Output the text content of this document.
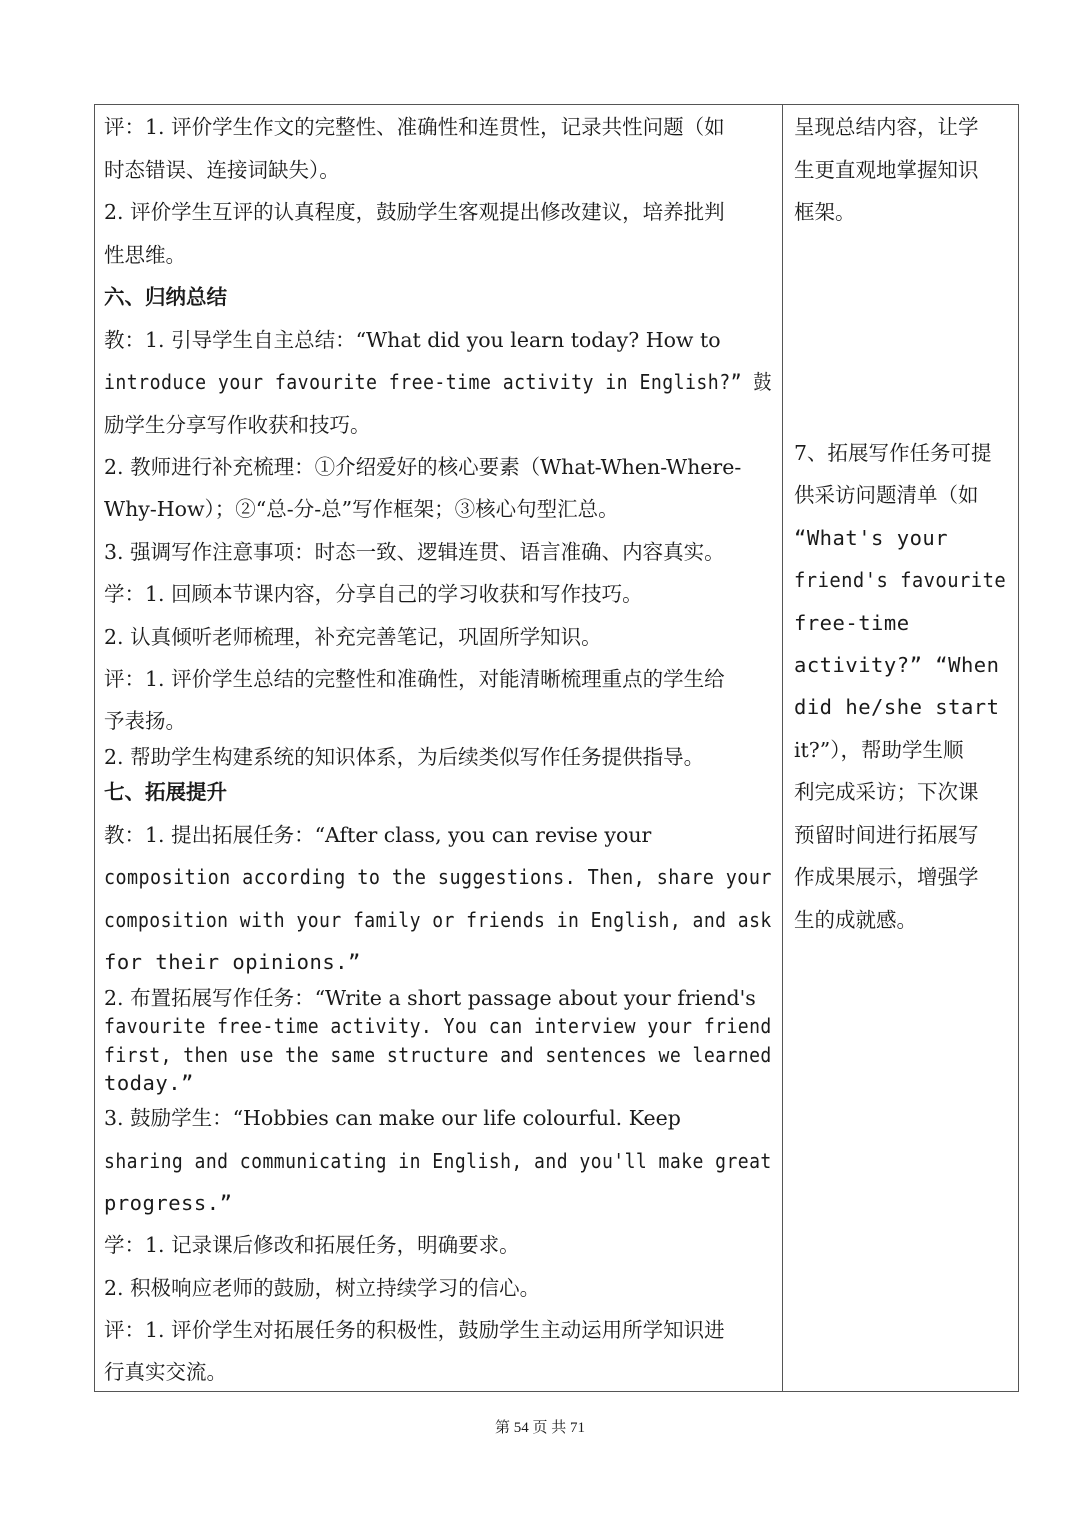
评：1. 评价学生作文的完整性、准确性和连贯性，记录共性问题（如
时态错误、连接词缺失）。
2. 评价学生互评的认真程度，鼓励学生客观提出修改建议，培养批判
性思维。
六、归纳总结
教：1. 引导学生自主总结：“What did you learn today? How to
introduce your favourite free-time activity in English?” 鼓
励学生分享写作收获和技巧。
2. 教师进行补充梳理：①介绍爱好的核心要素（What-When-Where-
Why-How）；②“总-分-总”写作框架；③核心句型汇总。
3. 强调写作注意事项：时态一致、逻辑连贯、语言准确、内容真实。
学：1. 回顾本节课内容，分享自己的学习收获和写作技巧。
2. 认真倾听老师梳理，补充完善笔记，巩固所学知识。
评：1. 评价学生总结的完整性和准确性，对能清晰梳理重点的学生给
予表扬。
2. 帮助学生构建系统的知识体系，为后续类似写作任务提供指导。
七、拓展提升
教：1. 提出拓展任务：“After class, you can revise your
composition according to the suggestions. Then, share your
composition with your family or friends in English, and ask
for their opinions.”
2. 布置拓展写作任务：“Write a short passage about your friend's
favourite free-time activity. You can interview your friend
first, then use the same structure and sentences we learned
today.”
3. 鼓励学生：“Hobbies can make our life colourful. Keep
sharing and communicating in English, and you'll make great
progress.”
学：1. 记录课后修改和拓展任务，明确要求。
2. 积极响应老师的鼓励，树立持续学习的信心。
评：1. 评价学生对拓展任务的积极性，鼓励学生主动运用所学知识进
行真实交流。
呈现总结内容，让学
生更直观地掌握知识
框架。
7、拓展写作任务可提
供采访问题清单（如
“What's your
friend's favourite
free-time
activity?” “When
did he/she start
it?”），帮助学生顺
利完成采访；下次课
预留时间进行拓展写
作成果展示，增强学
生的成就感。
第 54 页 共 71
